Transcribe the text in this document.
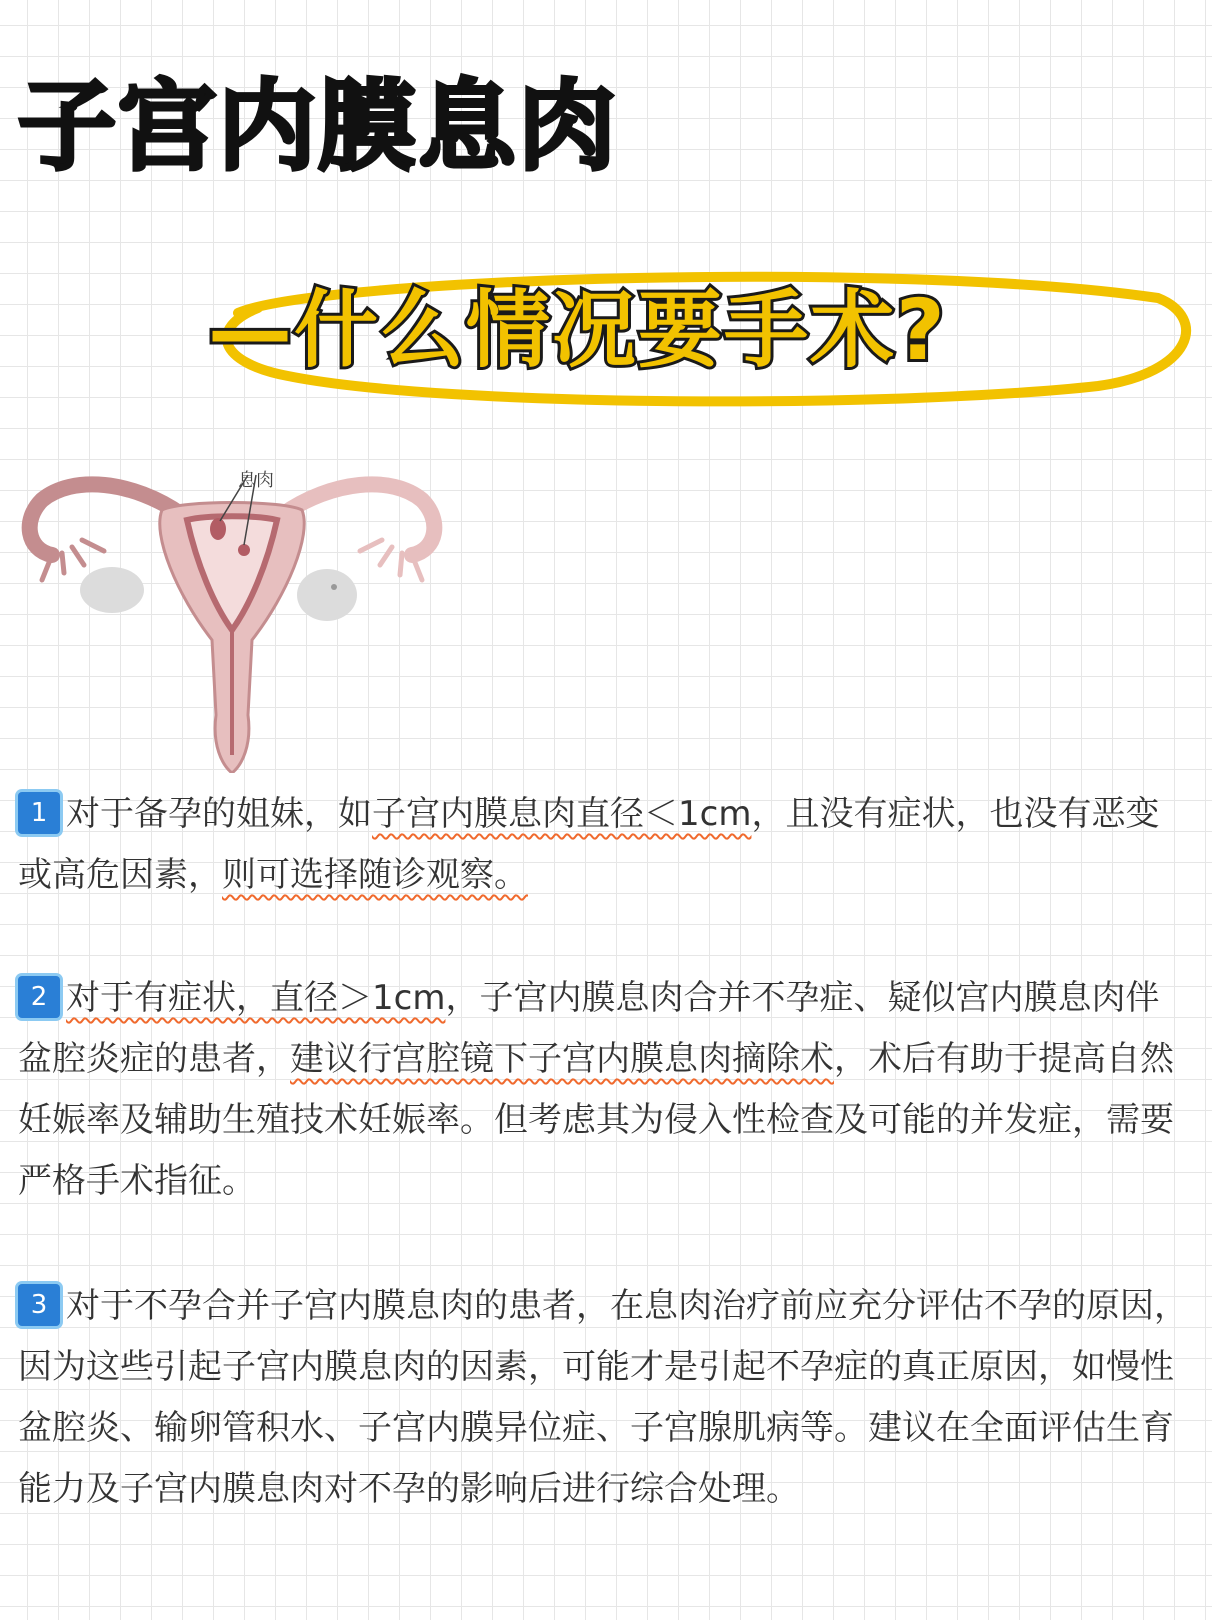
子宫内膜息肉
—什么情况要手术?
息肉
1 对于备孕的姐妹，如子宫内膜息肉直径＜1cm，且没有症状，也没有恶变或高危因素，则可选择随诊观察。
2 对于有症状，直径＞1cm，子宫内膜息肉合并不孕症、疑似宫内膜息肉伴盆腔炎症的患者，建议行宫腔镜下子宫内膜息肉摘除术，术后有助于提高自然妊娠率及辅助生殖技术妊娠率。但考虑其为侵入性检查及可能的并发症，需要严格手术指征。
3 对于不孕合并子宫内膜息肉的患者，在息肉治疗前应充分评估不孕的原因，因为这些引起子宫内膜息肉的因素，可能才是引起不孕症的真正原因，如慢性盆腔炎、输卵管积水、子宫内膜异位症、子宫腺肌病等。建议在全面评估生育能力及子宫内膜息肉对不孕的影响后进行综合处理。
